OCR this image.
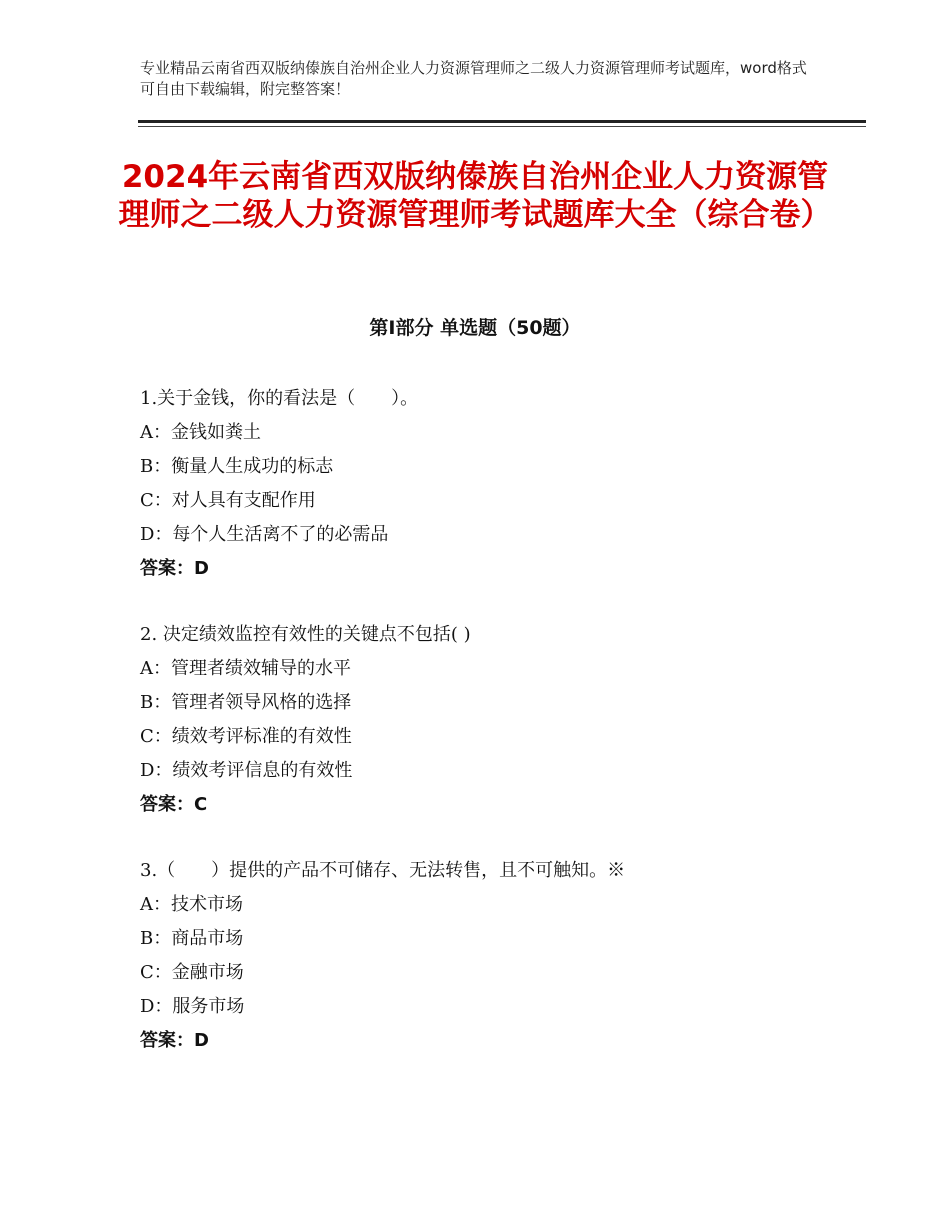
专业精品云南省西双版纳傣族自治州企业人力资源管理师之二级人力资源管理师考试题库，word格式可自由下载编辑，附完整答案！
2024年云南省西双版纳傣族自治州企业人力资源管理师之二级人力资源管理师考试题库大全（综合卷）
第Ⅰ部分 单选题（50题）
1.关于金钱，你的看法是（　　）。
A：金钱如粪土
B：衡量人生成功的标志
C：对人具有支配作用
D：每个人生活离不了的必需品
答案：D
2. 决定绩效监控有效性的关键点不包括( )
A：管理者绩效辅导的水平
B：管理者领导风格的选择
C：绩效考评标准的有效性
D：绩效考评信息的有效性
答案：C
3.（　　）提供的产品不可储存、无法转售，且不可触知。※
A：技术市场
B：商品市场
C：金融市场
D：服务市场
答案：D
